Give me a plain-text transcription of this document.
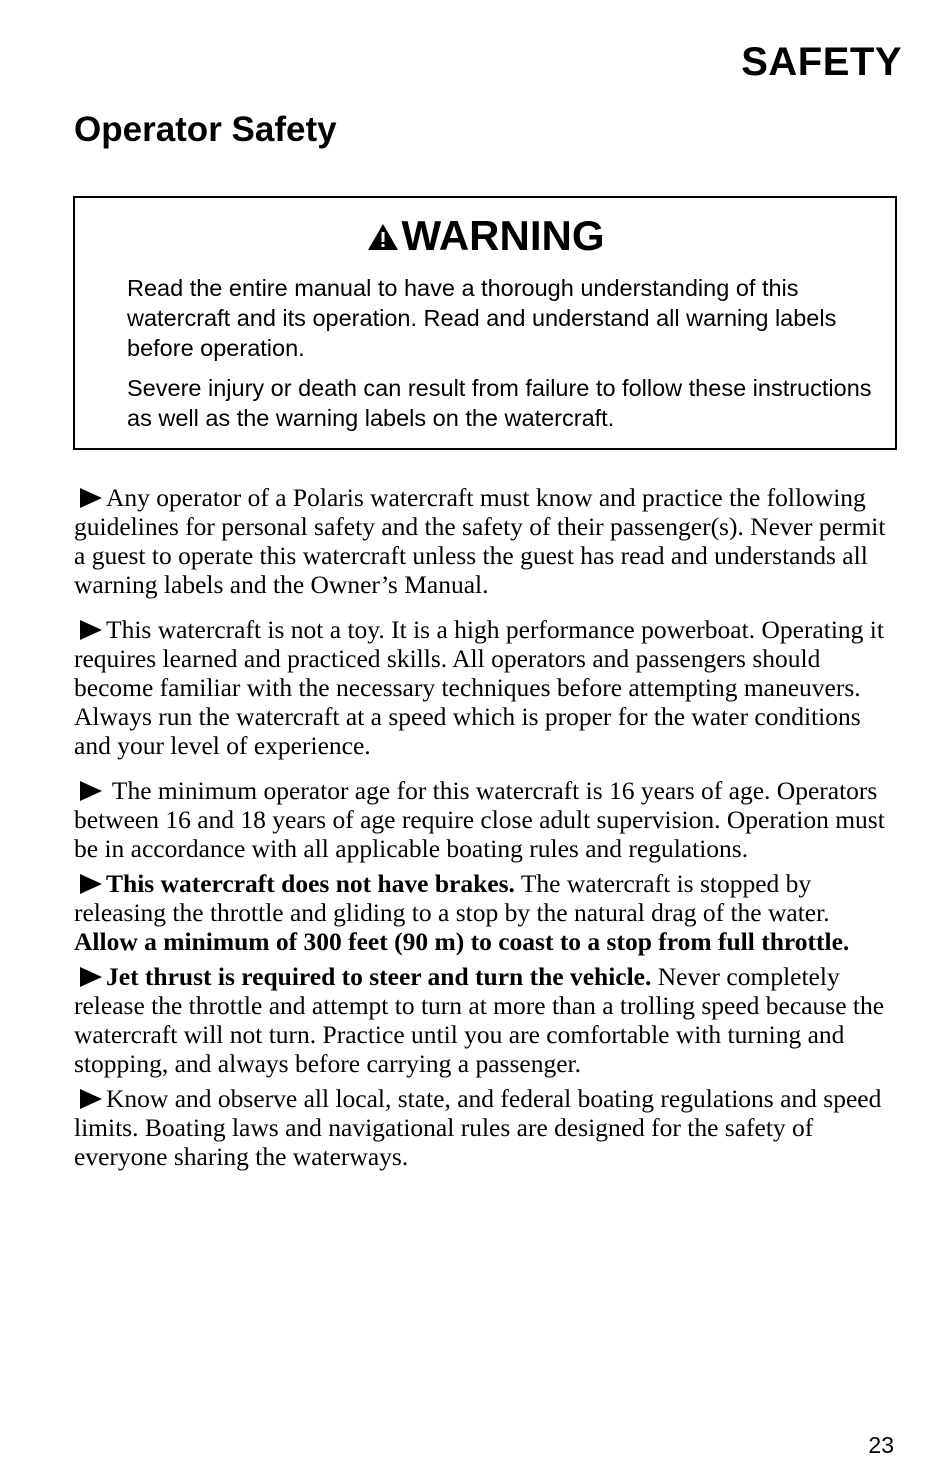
SAFETY
Operator Safety
WARNING

Read the entire manual to have a thorough understanding of this watercraft and its operation. Read and understand all warning labels before operation.

Severe injury or death can result from failure to follow these instructions as well as the warning labels on the watercraft.

Any operator of a Polaris watercraft must know and practice the following guidelines for personal safety and the safety of their passenger(s). Never permit a guest to operate this watercraft unless the guest has read and understands all warning labels and the Owner’s Manual.

This watercraft is not a toy. It is a high performance powerboat. Operating it requires learned and practiced skills. All operators and passengers should become familiar with the necessary techniques before attempting maneuvers. Always run the watercraft at a speed which is proper for the water conditions and your level of experience.

The minimum operator age for this watercraft is 16 years of age. Operators between 16 and 18 years of age require close adult supervision. Operation must be in accordance with all applicable boating rules and regulations.

This watercraft does not have brakes. The watercraft is stopped by releasing the throttle and gliding to a stop by the natural drag of the water. Allow a minimum of 300 feet (90 m) to coast to a stop from full throttle.

Jet thrust is required to steer and turn the vehicle. Never completely release the throttle and attempt to turn at more than a trolling speed because the watercraft will not turn. Practice until you are comfortable with turning and stopping, and always before carrying a passenger.

Know and observe all local, state, and federal boating regulations and speed limits. Boating laws and navigational rules are designed for the safety of everyone sharing the waterways.

23
